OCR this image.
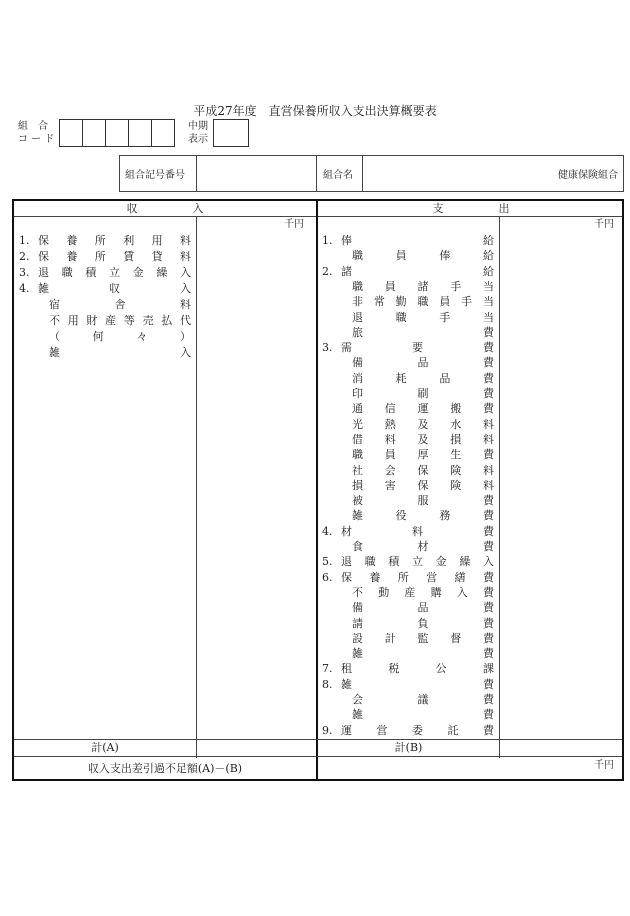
平成27年度　直営保養所収入支出決算概要表
組　合
コ ー ド
中期
表示
組合記号番号	組合名	健康保険組合
収　　　　　入	支　　　　　出
千円	千円
1. 保養所利用料
2. 保養所賃貸料
3. 退職積立金繰入
4. 雑収入
宿舎料
不用財産等売払代
（何々）
雑入
1. 俸給
職員俸給
2. 諸給
職員諸手当
非常勤職員手当
退職手当
旅費
3. 需要費
備品費
消耗品費
印刷費
通信運搬費
光熱及水料
借料及損料
職員厚生費
社会保険料
損害保険料
被服費
雑役務費
4. 材料費
食材費
5. 退職積立金繰入
6. 保養所営繕費
不動産購入費
備品費
請負費
設計監督費
雑費
7. 租税公課
8. 雑費
会議費
雑費
9. 運営委託費
計(A)	計(B)
収入支出差引過不足額(A)－(B)	千円
